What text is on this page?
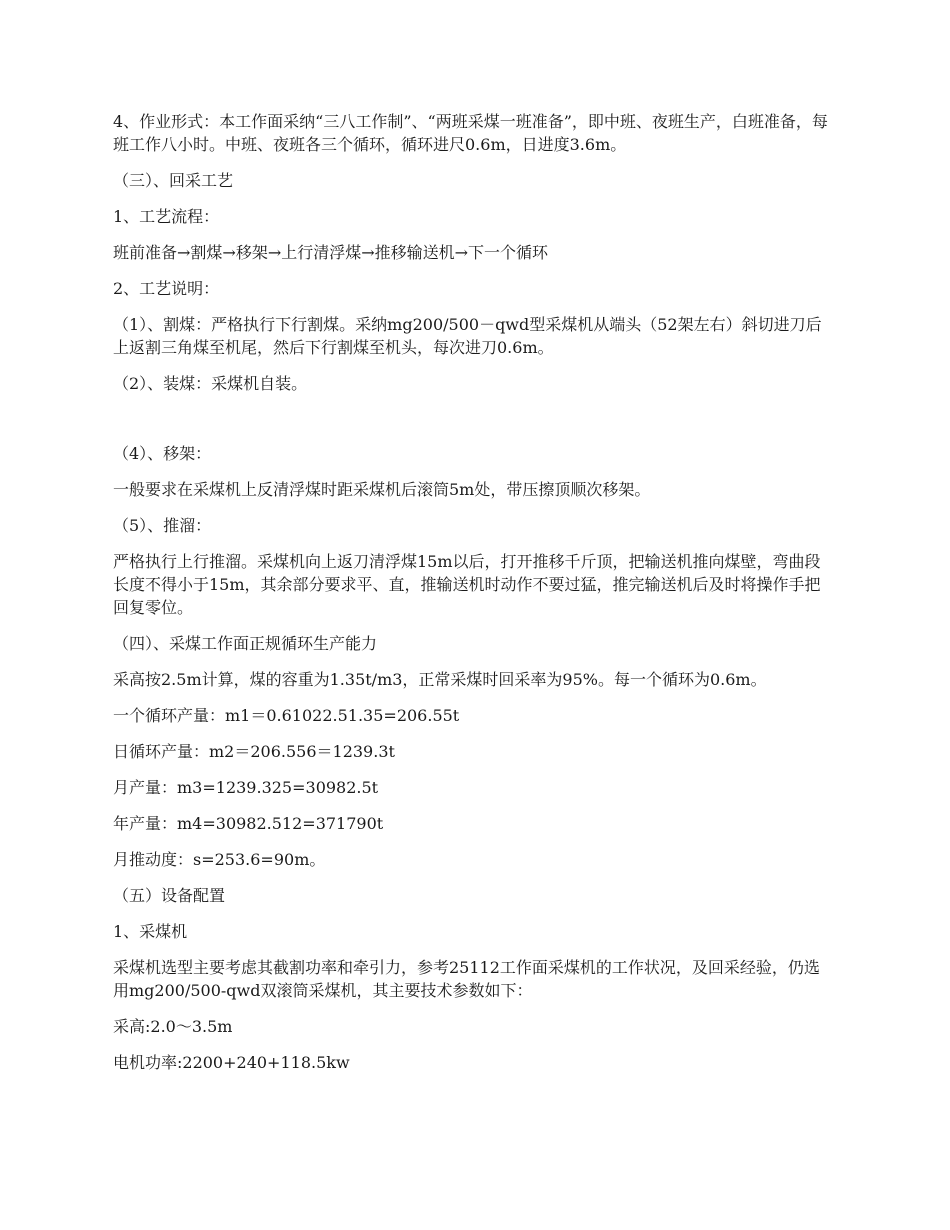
4、作业形式：本工作面采纳“三八工作制”、“两班采煤一班准备”，即中班、夜班生产，白班准备，每班工作八小时。中班、夜班各三个循环，循环进尺0.6m，日进度3.6m。

（三）、回采工艺

1、工艺流程：

班前准备→割煤→移架→上行清浮煤→推移输送机→下一个循环

2、工艺说明：

（1）、割煤：严格执行下行割煤。采纳mg200/500－qwd型采煤机从端头（52架左右）斜切进刀后上返割三角煤至机尾，然后下行割煤至机头，每次进刀0.6m。

（2）、装煤：采煤机自装。

（4）、移架：

一般要求在采煤机上反清浮煤时距采煤机后滚筒5m处，带压擦顶顺次移架。

（5）、推溜：

严格执行上行推溜。采煤机向上返刀清浮煤15m以后，打开推移千斤顶，把输送机推向煤壁，弯曲段长度不得小于15m，其余部分要求平、直，推输送机时动作不要过猛，推完输送机后及时将操作手把回复零位。

（四）、采煤工作面正规循环生产能力

采高按2.5m计算，煤的容重为1.35t/m3，正常采煤时回采率为95%。每一个循环为0.6m。

一个循环产量：m1＝0.61022.51.35=206.55t

日循环产量：m2＝206.556＝1239.3t

月产量：m3=1239.325=30982.5t

年产量：m4=30982.512=371790t

月推动度：s=253.6=90m。

（五）设备配置

1、采煤机

采煤机选型主要考虑其截割功率和牵引力，参考25112工作面采煤机的工作状况，及回采经验，仍选用mg200/500-qwd双滚筒采煤机，其主要技术参数如下：

采高:2.0～3.5m

电机功率:2200+240+118.5kw
